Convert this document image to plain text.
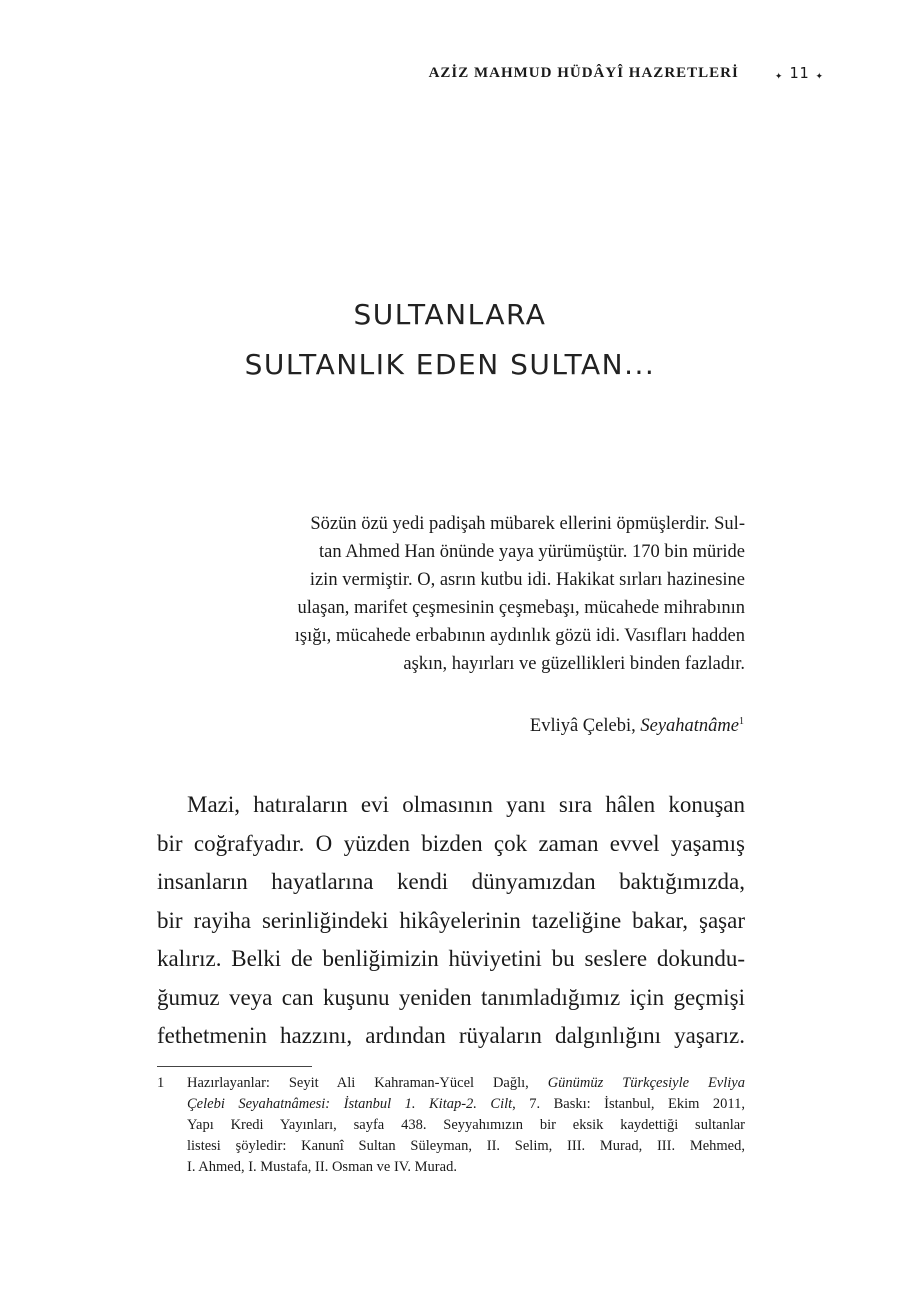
AZİZ MAHMUD HÜDÂYÎ HAZRETLERİ	✦ 11 ✦
SULTANLARA
SULTANLIK EDEN SULTAN...
Sözün özü yedi padişah mübarek ellerini öpmüşlerdir. Sul-
tan Ahmed Han önünde yaya yürümüştür. 170 bin müride
izin vermiştir. O, asrın kutbu idi. Hakikat sırları hazinesine
ulaşan, marifet çeşmesinin çeşmebaşı, mücahede mihrabının
ışığı, mücahede erbabının aydınlık gözü idi. Vasıfları hadden
aşkın, hayırları ve güzellikleri binden fazladır.
Evliyâ Çelebi, Seyahatnâme$^1$
Mazi, hatıraların evi olmasının yanı sıra hâlen konuşan
bir coğrafyadır. O yüzden bizden çok zaman evvel yaşamış
insanların hayatlarına kendi dünyamızdan baktığımızda,
bir rayiha serinliğindeki hikâyelerinin tazeliğine bakar, şaşar
kalırız. Belki de benliğimizin hüviyetini bu seslere dokundu-
ğumuz veya can kuşunu yeniden tanımladığımız için geçmişi
fethetmenin hazzını, ardından rüyaların dalgınlığını yaşarız.
1 Hazırlayanlar: Seyit Ali Kahraman-Yücel Dağlı, Günümüz Türkçesiyle Evliya
Çelebi Seyahatnâmesi: İstanbul 1. Kitap-2. Cilt, 7. Baskı: İstanbul, Ekim 2011,
Yapı Kredi Yayınları, sayfa 438. Seyyahımızın bir eksik kaydettiği sultanlar
listesi şöyledir: Kanunî Sultan Süleyman, II. Selim, III. Murad, III. Mehmed,
I. Ahmed, I. Mustafa, II. Osman ve IV. Murad.
